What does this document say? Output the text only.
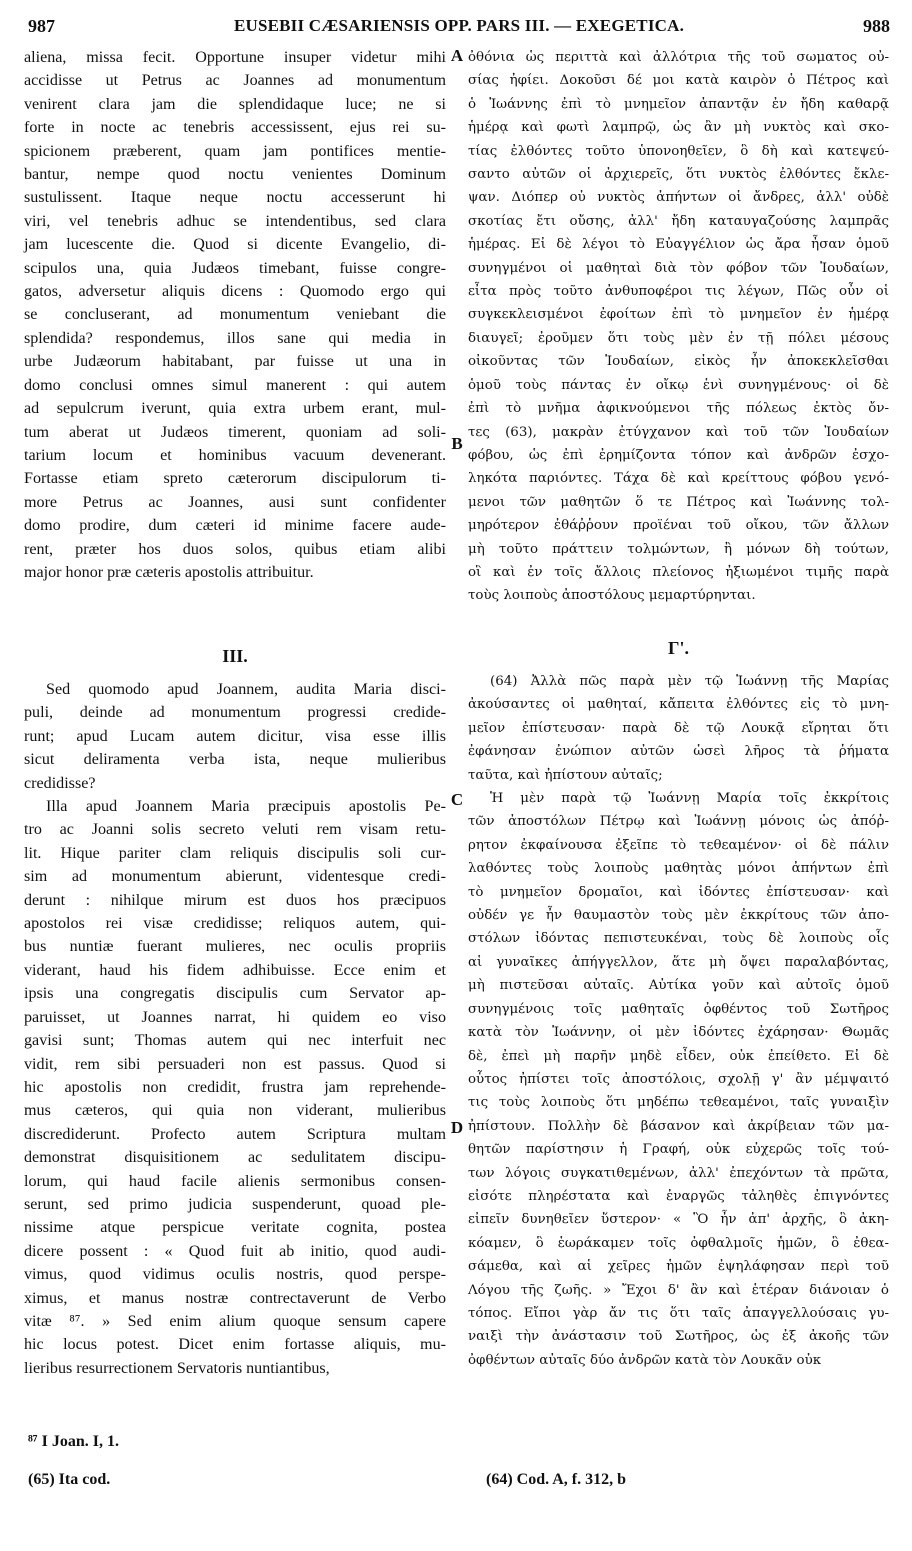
987	EUSEBII CÆSARIENSIS OPP. PARS III. — EXEGETICA.	988
aliena, missa fecit. Opportune insuper videtur mihi
accidisse ut Petrus ac Joannes ad monumentum
venirent clara jam die splendidaque luce; ne si
forte in nocte ac tenebris accessissent, ejus rei su-
spicionem præberent, quam jam pontifices mentie-
bantur, nempe quod noctu venientes Dominum
sustulissent. Itaque neque noctu accesserunt hi
viri, vel tenebris adhuc se intendentibus, sed clara
jam lucescente die. Quod si dicente Evangelio, di-
scipulos una, quia Judæos timebant, fuisse congre-
gatos, adversetur aliquis dicens : Quomodo ergo qui
se concluserant, ad monumentum veniebant die
splendida? respondemus, illos sane qui media in
urbe Judæorum habitabant, par fuisse ut una in
domo conclusi omnes simul manerent : qui autem
ad sepulcrum iverunt, quia extra urbem erant, mul-
tum aberat ut Judæos timerent, quoniam ad soli-
tarium locum et hominibus vacuum devenerant.
Fortasse etiam spreto cæterorum discipulorum ti-
more Petrus ac Joannes, ausi sunt confidenter
domo prodire, dum cæteri id minime facere aude-
rent, præter hos duos solos, quibus etiam alibi
major honor præ cæteris apostolis attribuitur.
III.
Sed quomodo apud Joannem, audita Maria disci-
puli, deinde ad monumentum progressi credide-
runt; apud Lucam autem dicitur, visa esse illis
sicut deliramenta verba ista, neque mulieribus
credidisse?
Illa apud Joannem Maria præcipuis apostolis Pe-
tro ac Joanni solis secreto veluti rem visam retu-
lit. Hique pariter clam reliquis discipulis soli cur-
sim ad monumentum abierunt, videntesque credi-
derunt : nihilque mirum est duos hos præcipuos
apostolos rei visæ credidisse; reliquos autem, qui-
bus nuntiæ fuerant mulieres, nec oculis propriis
viderant, haud his fidem adhibuisse. Ecce enim et
ipsis una congregatis discipulis cum Servator ap-
paruisset, ut Joannes narrat, hi quidem eo viso
gavisi sunt; Thomas autem qui nec interfuit nec
vidit, rem sibi persuaderi non est passus. Quod si
hic apostolis non credidit, frustra jam reprehende-
mus cæteros, qui quia non viderant, mulieribus
discrediderunt. Profecto autem Scriptura multam
demonstrat disquisitionem ac sedulitatem discipu-
lorum, qui haud facile alienis sermonibus consen-
serunt, sed primo judicia suspenderunt, quoad ple-
nissime atque perspicue veritate cognita, postea
dicere possent : « Quod fuit ab initio, quod audi-
vimus, quod vidimus oculis nostris, quod perspe-
ximus, et manus nostræ contrectaverunt de Verbo
vitæ ⁸⁷. » Sed enim alium quoque sensum capere
hic locus potest. Dicet enim fortasse aliquis, mu-
lieribus resurrectionem Servatoris nuntiantibus,
ὀθόνια ὡς περιττὰ καὶ ἀλλότρια τῆς τοῦ σωματος οὐ-
σίας ἠφίει. Δοκοῦσι δέ μοι κατὰ καιρὸν ὁ Πέτρος καὶ
ὁ Ἰωάννης ἐπὶ τὸ μνημεῖον ἀπαντᾷν ἐν ἤδη καθαρᾷ
ἡμέρᾳ καὶ φωτὶ λαμπρῷ, ὡς ἂν μὴ νυκτὸς καὶ σκο-
τίας ἐλθόντες τοῦτο ὑπονοηθεῖεν, ὃ δὴ καὶ κατεψεύ-
σαντο αὐτῶν οἱ ἀρχιερεῖς, ὅτι νυκτὸς ἐλθόντες ἔκλε-
ψαν. Διόπερ οὐ νυκτὸς ἀπήντων οἱ ἄνδρες, ἀλλ' οὐδὲ
σκοτίας ἔτι οὔσης, ἀλλ' ἤδη καταυγαζούσης λαμπρᾶς
ἡμέρας. Εἰ δὲ λέγοι τὸ Εὐαγγέλιον ὡς ἄρα ἦσαν ὁμοῦ
συνηγμένοι οἱ μαθηταὶ διὰ τὸν φόβον τῶν Ἰουδαίων,
εἶτα πρὸς τοῦτο ἀνθυποφέροι τις λέγων, Πῶς οὖν οἱ
συγκεκλεισμένοι ἐφοίτων ἐπὶ τὸ μνημεῖον ἐν ἡμέρᾳ
διαυγεῖ; ἐροῦμεν ὅτι τοὺς μὲν ἐν τῇ πόλει μέσους
οἰκοῦντας τῶν Ἰουδαίων, εἰκὸς ἦν ἀποκεκλεῖσθαι
ὁμοῦ τοὺς πάντας ἐν οἴκῳ ἑνὶ συνηγμένους· οἱ δὲ
ἐπὶ τὸ μνῆμα ἀφικνούμενοι τῆς πόλεως ἐκτὸς ὄν-
τες (63), μακρὰν ἐτύγχανον καὶ τοῦ τῶν Ἰουδαίων
φόβου, ὡς ἐπὶ ἐρημίζοντα τόπον καὶ ἀνδρῶν ἐσχο-
ληκότα παριόντες. Τάχα δὲ καὶ κρείττους φόβου γενό-
μενοι τῶν μαθητῶν ὅ τε Πέτρος καὶ Ἰωάννης τολ-
μηρότερον ἐθάῤῥουν προϊέναι τοῦ οἴκου, τῶν ἄλλων
μὴ τοῦτο πράττειν τολμώντων, ἢ μόνων δὴ τούτων,
οἳ καὶ ἐν τοῖς ἄλλοις πλείονος ἠξιωμένοι τιμῆς παρὰ
τοὺς λοιποὺς ἀποστόλους μεμαρτύρηνται.
Γ'.
(64) Ἀλλὰ πῶς παρὰ μὲν τῷ Ἰωάννῃ τῆς Μαρίας
ἀκούσαντες οἱ μαθηταί, κἄπειτα ἐλθόντες εἰς τὸ μνη-
μεῖον ἐπίστευσαν· παρὰ δὲ τῷ Λουκᾷ εἴρηται ὅτι
ἐφάνησαν ἐνώπιον αὐτῶν ὡσεὶ λῆρος τὰ ῥήματα
ταῦτα, καὶ ἠπίστουν αὐταῖς;
Ἡ μὲν παρὰ τῷ Ἰωάννῃ Μαρία τοῖς ἐκκρίτοις
τῶν ἀποστόλων Πέτρῳ καὶ Ἰωάννῃ μόνοις ὡς ἀπόῤ-
ρητον ἐκφαίνουσα ἐξεῖπε τὸ τεθεαμένον· οἱ δὲ πάλιν
λαθόντες τοὺς λοιποὺς μαθητὰς μόνοι ἀπήντων ἐπὶ
τὸ μνημεῖον δρομαῖοι, καὶ ἰδόντες ἐπίστευσαν· καὶ
οὐδέν γε ἦν θαυμαστὸν τοὺς μὲν ἐκκρίτους τῶν ἀπο-
στόλων ἰδόντας πεπιστευκέναι, τοὺς δὲ λοιποὺς οἷς
αἱ γυναῖκες ἀπήγγελλον, ἅτε μὴ ὄψει παραλαβόντας,
μὴ πιστεῦσαι αὐταῖς. Αὐτίκα γοῦν καὶ αὐτοῖς ὁμοῦ
συνηγμένοις τοῖς μαθηταῖς ὀφθέντος τοῦ Σωτῆρος
κατὰ τὸν Ἰωάννην, οἱ μὲν ἰδόντες ἐχάρησαν· Θωμᾶς
δὲ, ἐπεὶ μὴ παρῆν μηδὲ εἶδεν, οὐκ ἐπείθετο. Εἰ δὲ
οὗτος ἠπίστει τοῖς ἀποστόλοις, σχολῇ γ' ἂν μέμψαιτό
τις τοὺς λοιποὺς ὅτι μηδέπω τεθεαμένοι, ταῖς γυναιξὶν
ἠπίστουν. Πολλὴν δὲ βάσανον καὶ ἀκρίβειαν τῶν μα-
θητῶν παρίστησιν ἡ Γραφή, οὐκ εὐχερῶς τοῖς τού-
των λόγοις συγκατιθεμένων, ἀλλ' ἐπεχόντων τὰ πρῶτα,
εἰσότε πληρέστατα καὶ ἐναργῶς τἀληθὲς ἐπιγνόντες
εἰπεῖν δυνηθεῖεν ὕστερον· « Ὃ ἦν ἀπ' ἀρχῆς, ὃ ἀκη-
κόαμεν, ὃ ἑωράκαμεν τοῖς ὀφθαλμοῖς ἡμῶν, ὃ ἐθεα-
σάμεθα, καὶ αἱ χεῖρες ἡμῶν ἐψηλάφησαν περὶ τοῦ
Λόγου τῆς ζωῆς. » Ἔχοι δ' ἂν καὶ ἑτέραν διάνοιαν ὁ
τόπος. Εἴποι γὰρ ἄν τις ὅτι ταῖς ἀπαγγελλούσαις γυ-
ναιξὶ τὴν ἀνάστασιν τοῦ Σωτῆρος, ὡς ἐξ ἀκοῆς τῶν
ὀφθέντων αὐταῖς δύο ἀνδρῶν κατὰ τὸν Λουκᾶν οὐκ
A
B
C
D
⁸⁷ I Joan. I, 1.
(65) Ita cod.	(64) Cod. A, f. 312, b
